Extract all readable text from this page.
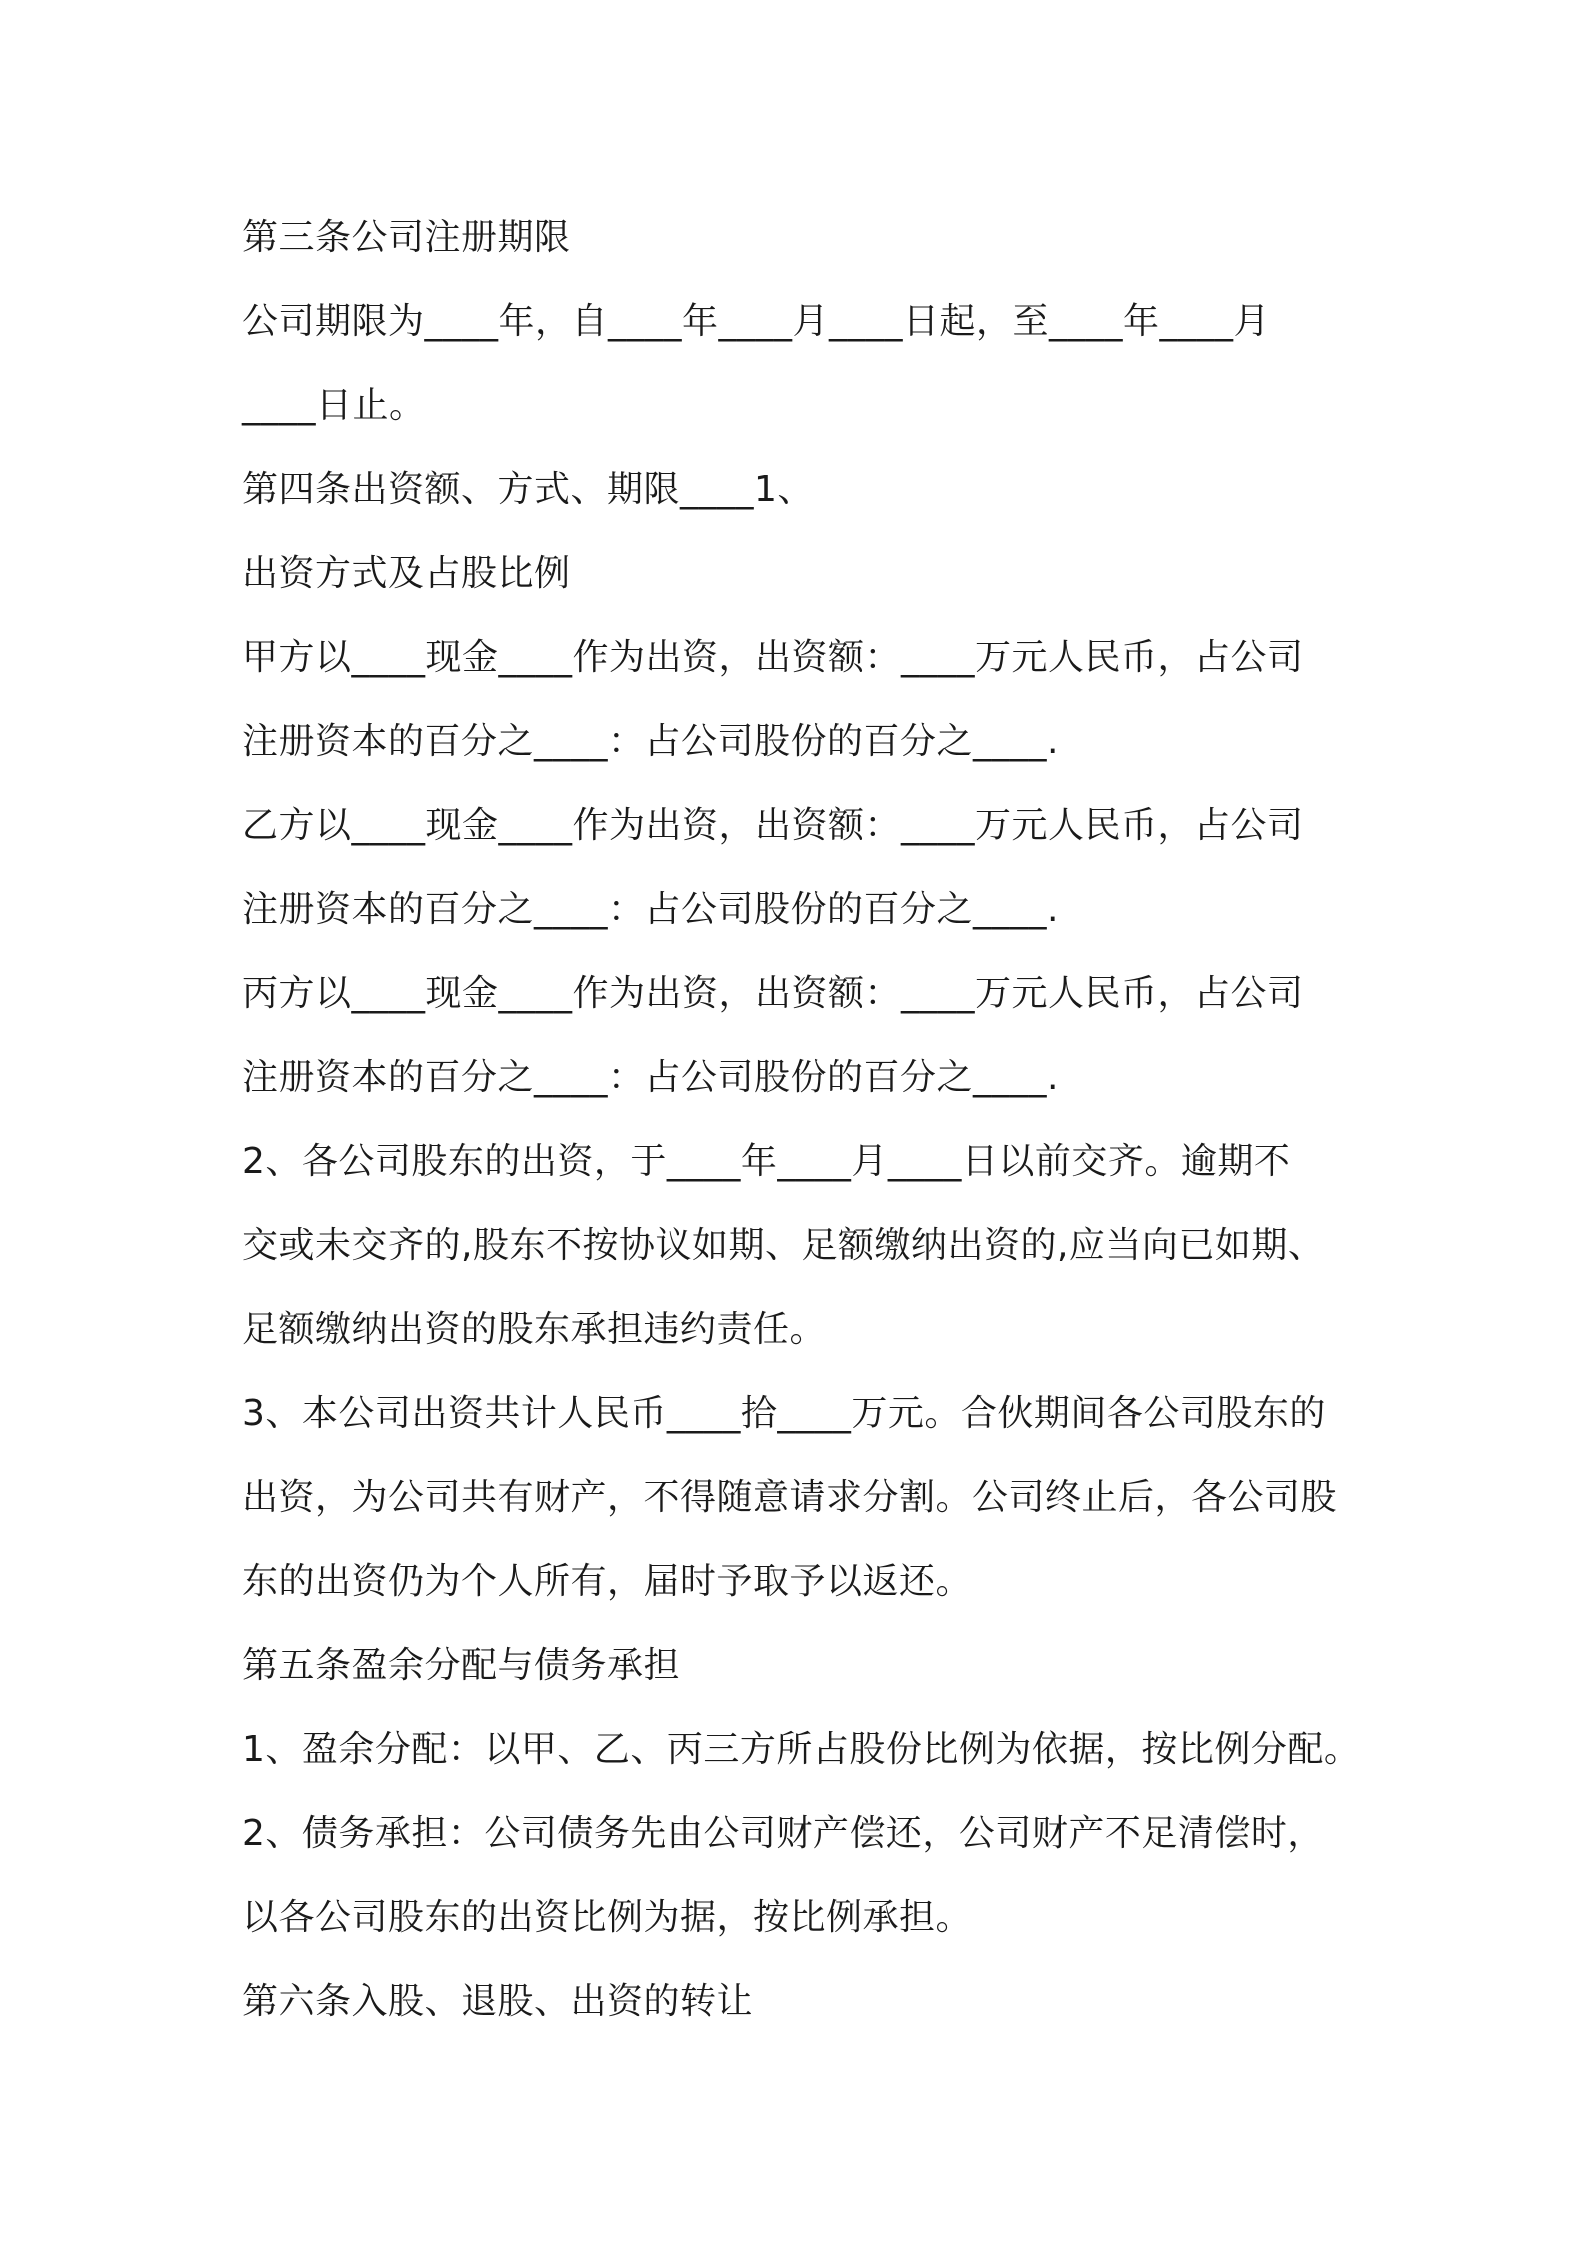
第三条公司注册期限
公司期限为____年，自____年____月____日起，至____年____月
____日止。
第四条出资额、方式、期限____1、
出资方式及占股比例
甲方以____现金____作为出资，出资额：____万元人民币，占公司
注册资本的百分之____：占公司股份的百分之____.
乙方以____现金____作为出资，出资额：____万元人民币，占公司
注册资本的百分之____：占公司股份的百分之____.
丙方以____现金____作为出资，出资额：____万元人民币，占公司
注册资本的百分之____：占公司股份的百分之____.
2、各公司股东的出资，于____年____月____日以前交齐。逾期不
交或未交齐的,股东不按协议如期、足额缴纳出资的,应当向已如期、
足额缴纳出资的股东承担违约责任。
3、本公司出资共计人民币____拾____万元。合伙期间各公司股东的
出资，为公司共有财产，不得随意请求分割。公司终止后，各公司股
东的出资仍为个人所有，届时予取予以返还。
第五条盈余分配与债务承担
1、盈余分配：以甲、乙、丙三方所占股份比例为依据，按比例分配。
2、债务承担：公司债务先由公司财产偿还，公司财产不足清偿时，
以各公司股东的出资比例为据，按比例承担。
第六条入股、退股、出资的转让
